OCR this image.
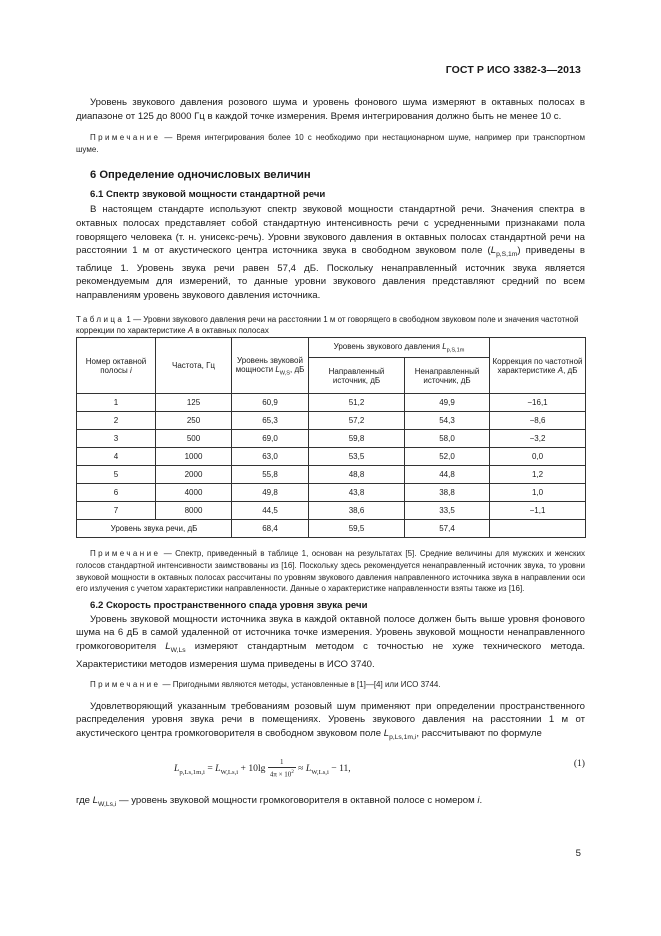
ГОСТ Р ИСО 3382-3—2013

Уровень звукового давления розового шума и уровень фонового шума измеряют в октавных полосах в диапазоне от 125 до 8000 Гц в каждой точке измерения. Время интегрирования должно быть не менее 10 с.

Примечание — Время интегрирования более 10 с необходимо при нестационарном шуме, например при транспортном шуме.

6 Определение одночисловых величин

6.1 Спектр звуковой мощности стандартной речи

В настоящем стандарте используют спектр звуковой мощности стандартной речи. Значения спектра в октавных полосах представляет собой стандартную интенсивность речи с усредненными признаками пола говорящего человека (т. н. унисекс-речь). Уровни звукового давления в октавных полосах стандартной речи на расстоянии 1 м от акустического центра источника звука в свободном звуковом поле $(L_{p,S,1m})$ приведены в таблице 1. Уровень звука речи равен 57,4 дБ. Поскольку ненаправленный источник звука является рекомендуемым для измерений, то данные уровни звукового давления представляют средний по всем направлениям уровень звукового давления источника.

Таблица 1 — Уровни звукового давления речи на расстоянии 1 м от говорящего в свободном звуковом поле и значения частотной коррекции по характеристике A в октавных полосах

Номер октавной полосы i	Частота, Гц	Уровень звуковой мощности $L_{W,S}$, дБ	Уровень звукового давления $L_{p,S,1m}$		Коррекция по частотной характеристике A, дБ
			Направленный источник, дБ	Ненаправленный источник, дБ	
1	125	60,9	51,2	49,9	−16,1
2	250	65,3	57,2	54,3	−8,6
3	500	69,0	59,8	58,0	−3,2
4	1000	63,0	53,5	52,0	0,0
5	2000	55,8	48,8	44,8	1,2
6	4000	49,8	43,8	38,8	1,0
7	8000	44,5	38,6	33,5	−1,1
Уровень звука речи, дБ		68,4	59,5	57,4	

Примечание — Спектр, приведенный в таблице 1, основан на результатах [5]. Средние величины для мужских и женских голосов стандартной интенсивности заимствованы из [16]. Поскольку здесь рекомендуется ненаправленный источник звука, то уровни звуковой мощности в октавных полосах рассчитаны по уровням звукового давления направленного источника звука в направлении оси его излучения с учетом характеристики направленности. Данные о характеристике направленности взяты также из [16].

6.2 Скорость пространственного спада уровня звука речи

Уровень звуковой мощности источника звука в каждой октавной полосе должен быть выше уровня фонового шума на 6 дБ в самой удаленной от источника точке измерения. Уровень звуковой мощности ненаправленного громкоговорителя $L_{W,Ls}$ измеряют стандартным методом с точностью не хуже технического метода. Характеристики методов измерения шума приведены в ИСО 3740.

Примечание — Пригодными являются методы, установленные в [1]—[4] или ИСО 3744.

Удовлетворяющий указанным требованиям розовый шум применяют при определении пространственного распределения уровня звука речи в помещениях. Уровень звукового давления на расстоянии 1 м от акустического центра громкоговорителя в свободном звуковом поле $L_{p,Ls,1m,i}$, рассчитывают по формуле

$L_{p,Ls,1m,i} = L_{W,Ls,i} + 10\lg \frac{1}{4\pi \times 10^2} \approx L_{W,Ls,i} - 11$,	(1)

где $L_{W,Ls,i}$ — уровень звуковой мощности громкоговорителя в октавной полосе с номером i.

5
